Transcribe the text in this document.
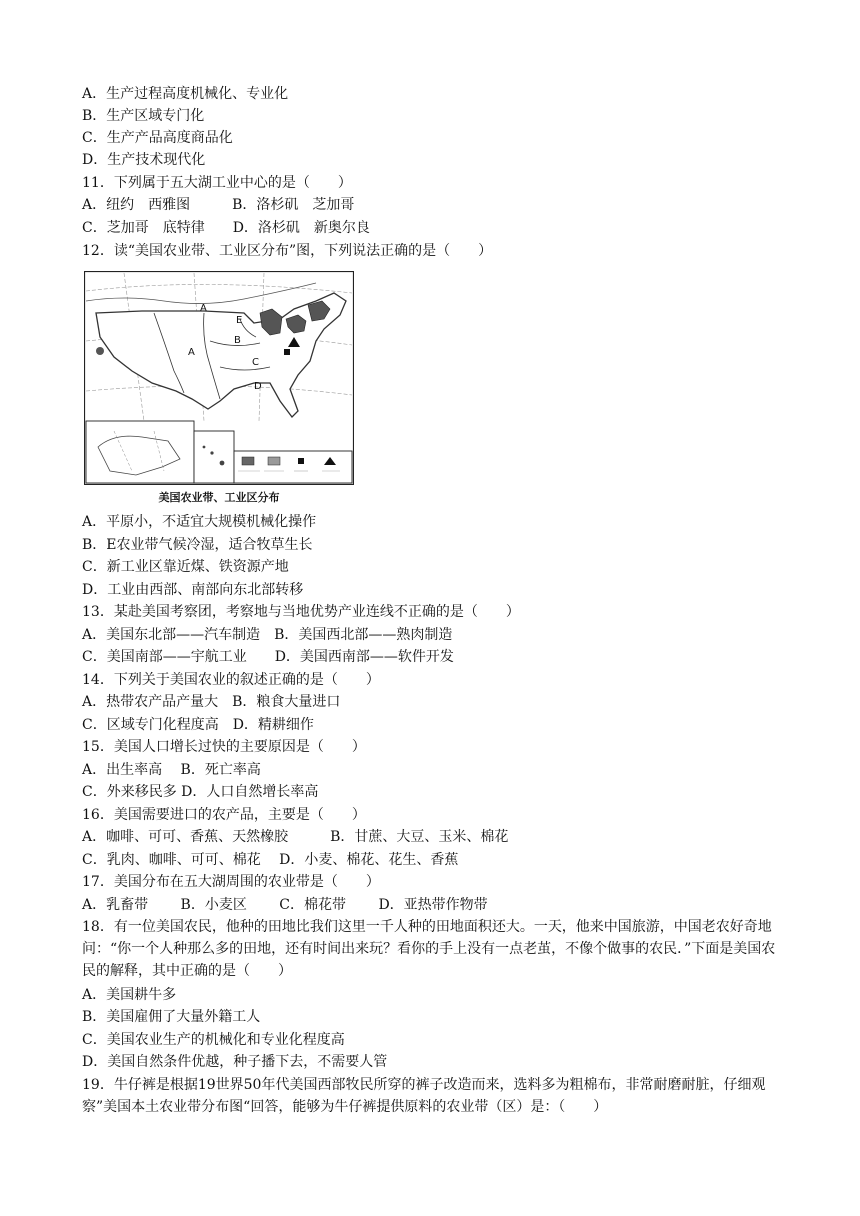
A．生产过程高度机械化、专业化
B．生产区域专门化
C．生产产品高度商品化
D．生产技术现代化
11．下列属于五大湖工业中心的是（　　）
A．纽约　西雅图　　　B．洛杉矶　芝加哥
C．芝加哥　底特律　　D．洛杉矶　新奥尔良
12．读“美国农业带、工业区分布”图，下列说法正确的是（　　）
A
E
B
A
C
D
美国农业带、工业区分布
A．平原小，不适宜大规模机械化操作
B．E农业带气候冷湿，适合牧草生长
C．新工业区靠近煤、铁资源产地
D．工业由西部、南部向东北部转移
13．某赴美国考察团，考察地与当地优势产业连线不正确的是（　　）
A．美国东北部——汽车制造　B．美国西北部——熟肉制造
C．美国南部——宇航工业　　D．美国西南部——软件开发
14．下列关于美国农业的叙述正确的是（　　）
A．热带农产品产量大　B．粮食大量进口
C．区域专门化程度高　D．精耕细作
15．美国人口增长过快的主要原因是（　　）
A．出生率高　 B．死亡率高
C．外来移民多 D．人口自然增长率高
16．美国需要进口的农产品，主要是（　　）
A．咖啡、可可、香蕉、天然橡胶　　　B．甘蔗、大豆、玉米、棉花
C．乳肉、咖啡、可可、棉花　 D．小麦、棉花、花生、香蕉
17．美国分布在五大湖周围的农业带是（　　）
A．乳畜带　　 B．小麦区　　 C．棉花带　　 D．亚热带作物带
18．有一位美国农民，他种的田地比我们这里一千人种的田地面积还大。一天，他来中国旅游，中国老农好奇地问：“你一个人种那么多的田地，还有时间出来玩？看你的手上没有一点老茧，不像个做事的农民．”下面是美国农民的解释，其中正确的是（　　）
A．美国耕牛多
B．美国雇佣了大量外籍工人
C．美国农业生产的机械化和专业化程度高
D．美国自然条件优越，种子播下去，不需要人管
19．牛仔裤是根据19世界50年代美国西部牧民所穿的裤子改造而来，选料多为粗棉布，非常耐磨耐脏，仔细观察”美国本土农业带分布图“回答，能够为牛仔裤提供原料的农业带（区）是：（　　）
